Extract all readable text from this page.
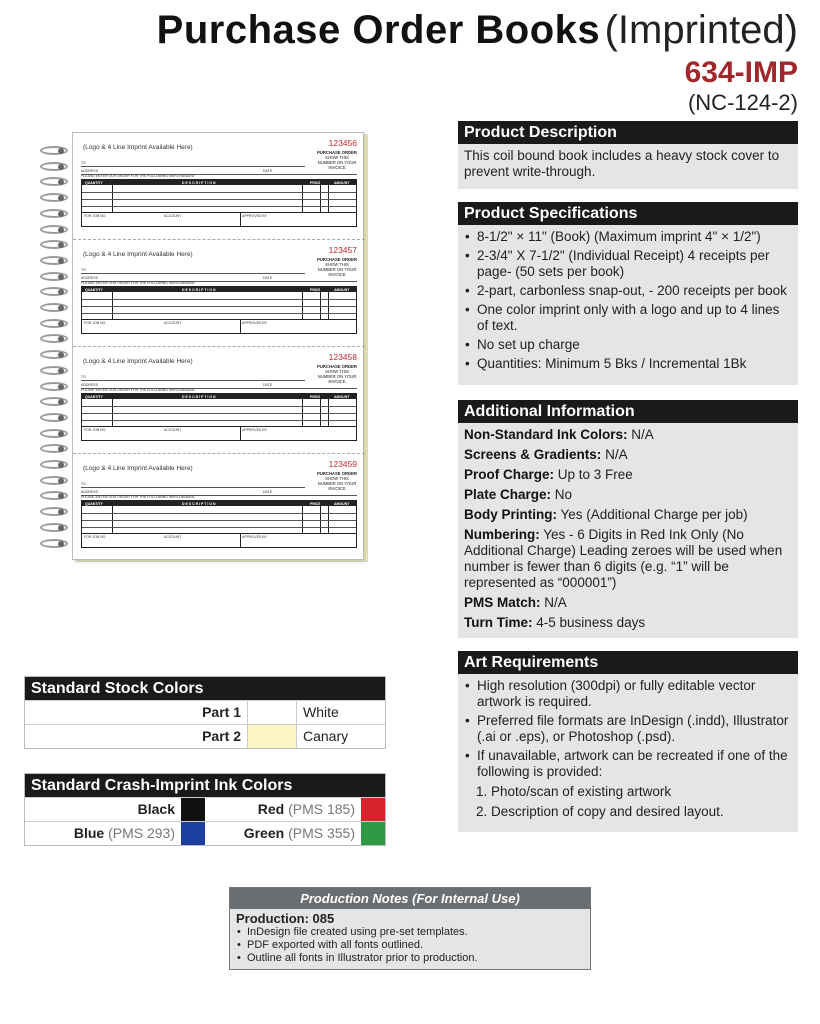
Purchase Order Books (Imprinted)
634-IMP
(NC-124-2)
(Logo & 4 Line Imprint Available Here)	123456
PURCHASE ORDER
SHOW THIS NUMBER ON YOUR INVOICE
TO
ADDRESS	DATE
PLEASE ENTER OUR ORDER FOR THE FOLLOWING MERCHANDISE
QUANTITY	D E S C R I P T I O N	PRICE	AMOUNT
FOR JOB NO.	ACCOUNT	APPROVED BY
(Logo & 4 Line Imprint Available Here)	123457
PURCHASE ORDER
SHOW THIS NUMBER ON YOUR INVOICE
TO
ADDRESS	DATE
PLEASE ENTER OUR ORDER FOR THE FOLLOWING MERCHANDISE
QUANTITY	D E S C R I P T I O N	PRICE	AMOUNT
FOR JOB NO.	ACCOUNT	APPROVED BY
(Logo & 4 Line Imprint Available Here)	123458
PURCHASE ORDER
SHOW THIS NUMBER ON YOUR INVOICE
TO
ADDRESS	DATE
PLEASE ENTER OUR ORDER FOR THE FOLLOWING MERCHANDISE
QUANTITY	D E S C R I P T I O N	PRICE	AMOUNT
FOR JOB NO.	ACCOUNT	APPROVED BY
(Logo & 4 Line Imprint Available Here)	123459
PURCHASE ORDER
SHOW THIS NUMBER ON YOUR INVOICE
TO
ADDRESS	DATE
PLEASE ENTER OUR ORDER FOR THE FOLLOWING MERCHANDISE
QUANTITY	D E S C R I P T I O N	PRICE	AMOUNT
FOR JOB NO.	ACCOUNT	APPROVED BY
Product Description
This coil bound book includes a heavy stock cover to prevent write-through.
Product Specifications
• 8-1/2" × 11" (Book) (Maximum imprint 4" × 1/2")
• 2-3/4" X 7-1/2" (Individual Receipt) 4 receipts per page- (50 sets per book)
• 2-part, carbonless snap-out, - 200 receipts per book
• One color imprint only with a logo and up to 4 lines of text.
• No set up charge
• Quantities: Minimum 5 Bks / Incremental 1Bk
Additional Information
Non-Standard Ink Colors: N/A
Screens & Gradients: N/A
Proof Charge: Up to 3 Free
Plate Charge: No
Body Printing: Yes (Additional Charge per job)
Numbering: Yes - 6 Digits in Red Ink Only (No Additional Charge) Leading zeroes will be used when number is fewer than 6 digits (e.g. “1” will be represented as “000001”)
PMS Match: N/A
Turn Time: 4-5 business days
Art Requirements
• High resolution (300dpi) or fully editable vector artwork is required.
• Preferred file formats are InDesign (.indd), Illustrator (.ai or .eps), or Photoshop (.psd).
• If unavailable, artwork can be recreated if one of the following is provided:
1. Photo/scan of existing artwork
2. Description of copy and desired layout.
Standard Stock Colors
Part 1	White
Part 2	Canary
Standard Crash-Imprint Ink Colors
Black	Red (PMS 185)
Blue (PMS 293)	Green (PMS 355)
Production Notes (For Internal Use)
Production: 085
• InDesign file created using pre-set templates.
• PDF exported with all fonts outlined.
• Outline all fonts in Illustrator prior to production.
